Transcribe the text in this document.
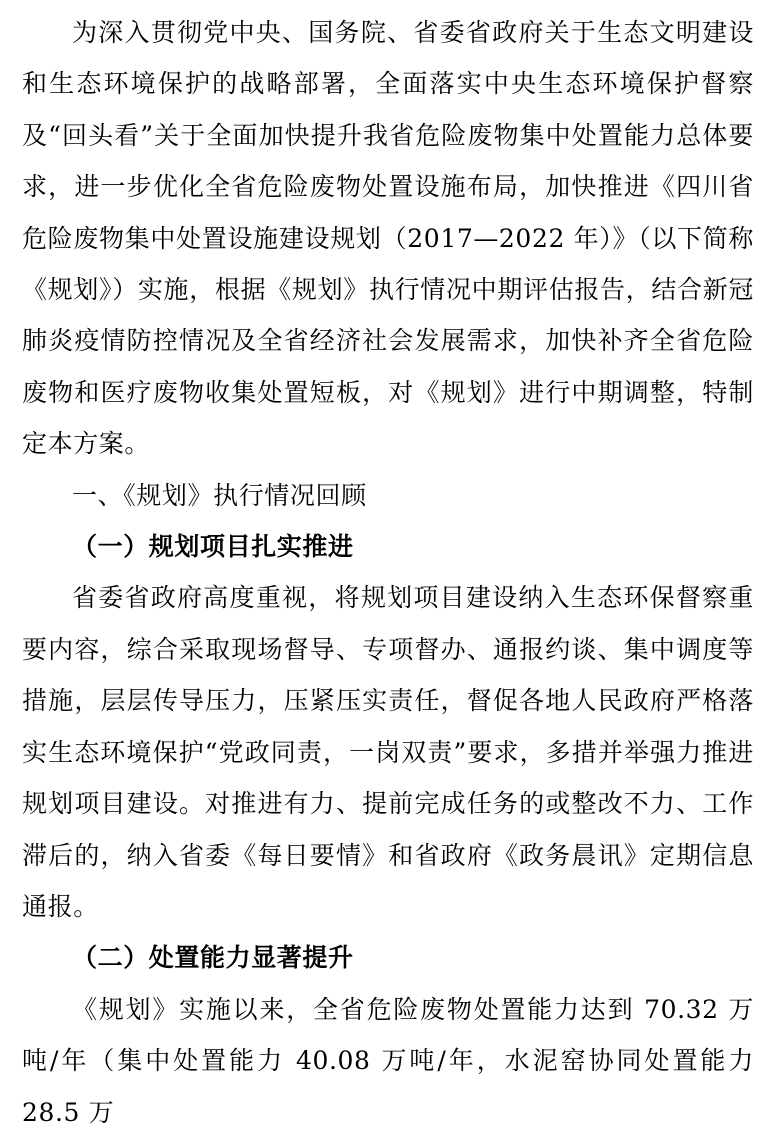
为深入贯彻党中央、国务院、省委省政府关于生态文明建设和生态环境保护的战略部署，全面落实中央生态环境保护督察及“回头看”关于全面加快提升我省危险废物集中处置能力总体要求，进一步优化全省危险废物处置设施布局，加快推进《四川省危险废物集中处置设施建设规划（2017—2022 年）》（以下简称《规划》）实施，根据《规划》执行情况中期评估报告，结合新冠肺炎疫情防控情况及全省经济社会发展需求，加快补齐全省危险废物和医疗废物收集处置短板，对《规划》进行中期调整，特制定本方案。

一、《规划》执行情况回顾

（一）规划项目扎实推进

省委省政府高度重视，将规划项目建设纳入生态环保督察重要内容，综合采取现场督导、专项督办、通报约谈、集中调度等措施，层层传导压力，压紧压实责任，督促各地人民政府严格落实生态环境保护“党政同责，一岗双责”要求，多措并举强力推进规划项目建设。对推进有力、提前完成任务的或整改不力、工作滞后的，纳入省委《每日要情》和省政府《政务晨讯》定期信息通报。

（二）处置能力显著提升

《规划》实施以来，全省危险废物处置能力达到 70.32 万吨/年（集中处置能力 40.08 万吨/年，水泥窑协同处置能力 28.5 万
